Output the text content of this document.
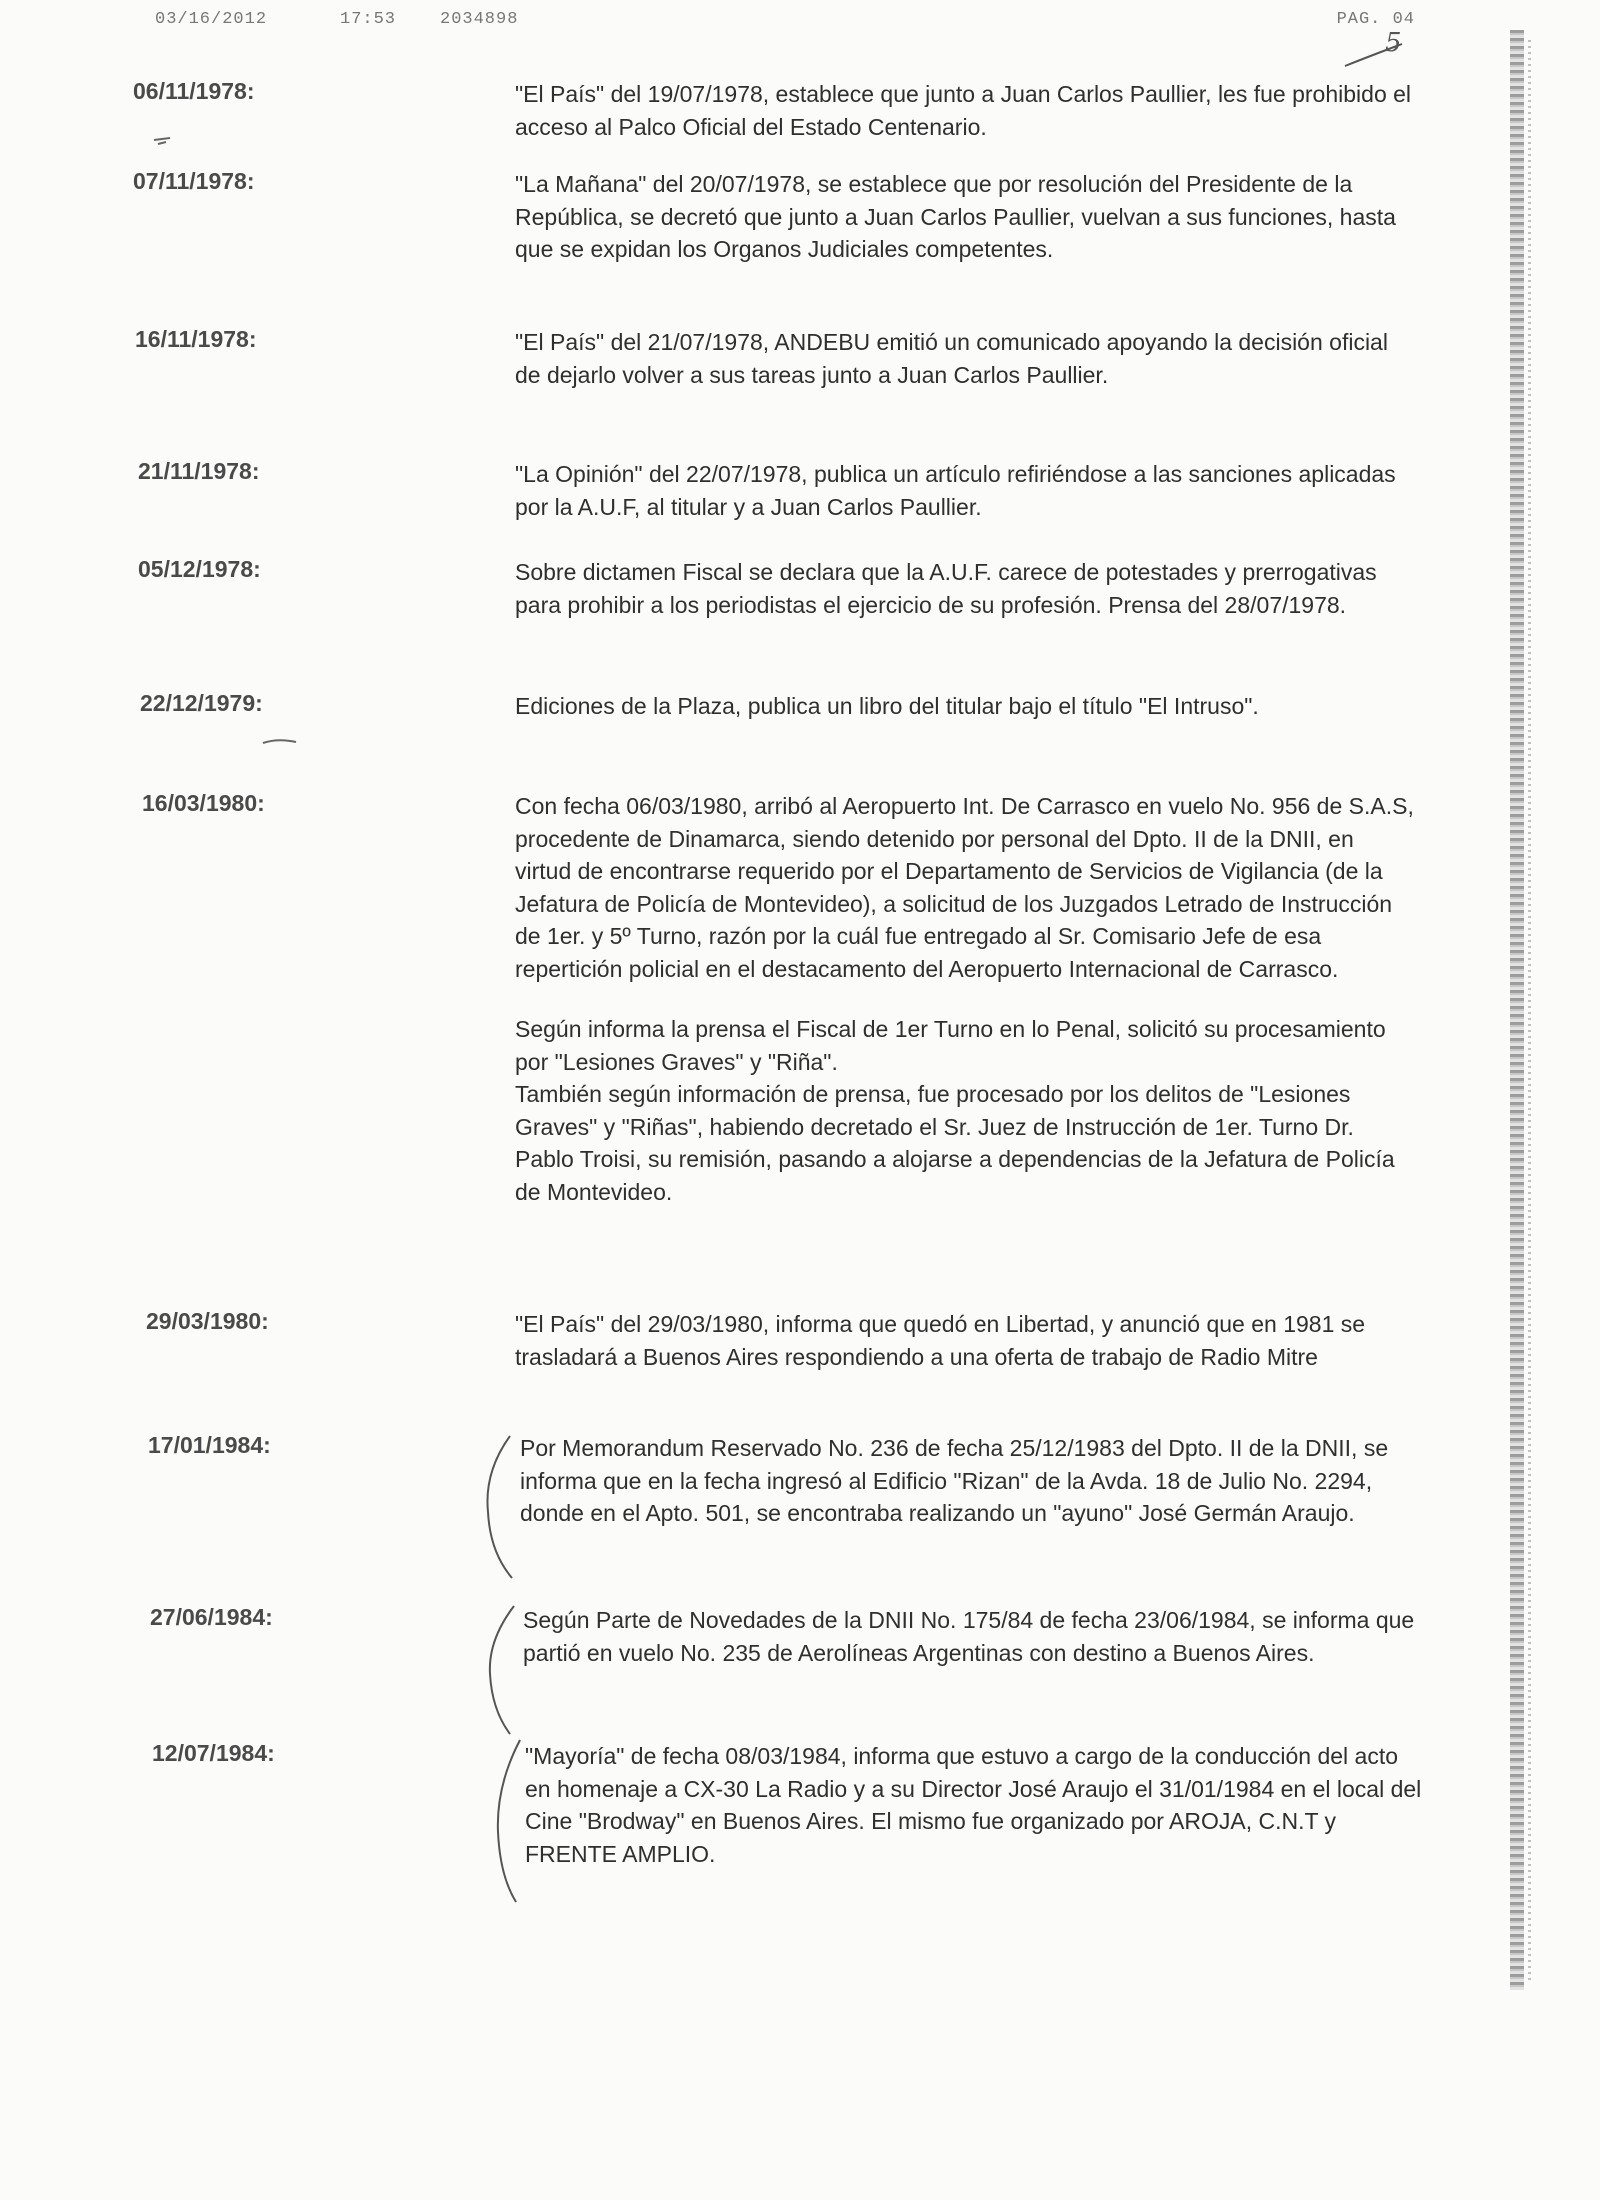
03/16/2012	17:53	2034898	PAG. 04
5
06/11/1978:	"El País" del 19/07/1978, establece que junto a Juan Carlos Paullier, les fue prohibido el acceso al Palco Oficial del Estado Centenario.

07/11/1978:	"La Mañana" del 20/07/1978, se establece que por resolución del Presidente de la República, se decretó que junto a Juan Carlos Paullier, vuelvan a sus funciones, hasta que se expidan los Organos Judiciales competentes.

16/11/1978:	"El País" del 21/07/1978, ANDEBU emitió un comunicado apoyando la decisión oficial de dejarlo volver a sus tareas junto a Juan Carlos Paullier.

21/11/1978:	"La Opinión" del 22/07/1978, publica un artículo refiriéndose a las sanciones aplicadas por la A.U.F, al titular y a Juan Carlos Paullier.

05/12/1978:	Sobre dictamen Fiscal se declara que la A.U.F. carece de potestades y prerrogativas para prohibir a los periodistas el ejercicio de su profesión. Prensa del 28/07/1978.

22/12/1979:	Ediciones de la Plaza, publica un libro del titular bajo el título "El Intruso".

16/03/1980:	Con fecha 06/03/1980, arribó al Aeropuerto Int. De Carrasco en vuelo No. 956 de S.A.S, procedente de Dinamarca, siendo detenido por personal del Dpto. II de la DNII, en virtud de encontrarse requerido por el Departamento de Servicios de Vigilancia (de la Jefatura de Policía de Montevideo), a solicitud de los Juzgados Letrado de Instrucción de 1er. y 5º Turno, razón por la cuál fue entregado al Sr. Comisario Jefe de esa repertición policial en el destacamento del Aeropuerto Internacional de Carrasco.

Según informa la prensa el Fiscal de 1er Turno en lo Penal, solicitó su procesamiento por "Lesiones Graves" y "Riña".

También según información de prensa, fue procesado por los delitos de "Lesiones Graves" y "Riñas", habiendo decretado el Sr. Juez de Instrucción de 1er. Turno Dr. Pablo Troisi, su remisión, pasando a alojarse a dependencias de la Jefatura de Policía de Montevideo.

29/03/1980:	"El País" del 29/03/1980, informa que quedó en Libertad, y anunció que en 1981 se trasladará a Buenos Aires respondiendo a una oferta de trabajo de Radio Mitre

17/01/1984:	Por Memorandum Reservado No. 236 de fecha 25/12/1983 del Dpto. II de la DNII, se informa que en la fecha ingresó al Edificio "Rizan" de la Avda. 18 de Julio No. 2294, donde en el Apto. 501, se encontraba realizando un "ayuno" José Germán Araujo.

27/06/1984:	Según Parte de Novedades de la DNII No. 175/84 de fecha 23/06/1984, se informa que partió en vuelo No. 235 de Aerolíneas Argentinas con destino a Buenos Aires.

12/07/1984:	"Mayoría" de fecha 08/03/1984, informa que estuvo a cargo de la conducción del acto en homenaje a CX-30 La Radio y a su Director José Araujo el 31/01/1984 en el local del Cine "Brodway" en Buenos Aires. El mismo fue organizado por AROJA, C.N.T y FRENTE AMPLIO.
